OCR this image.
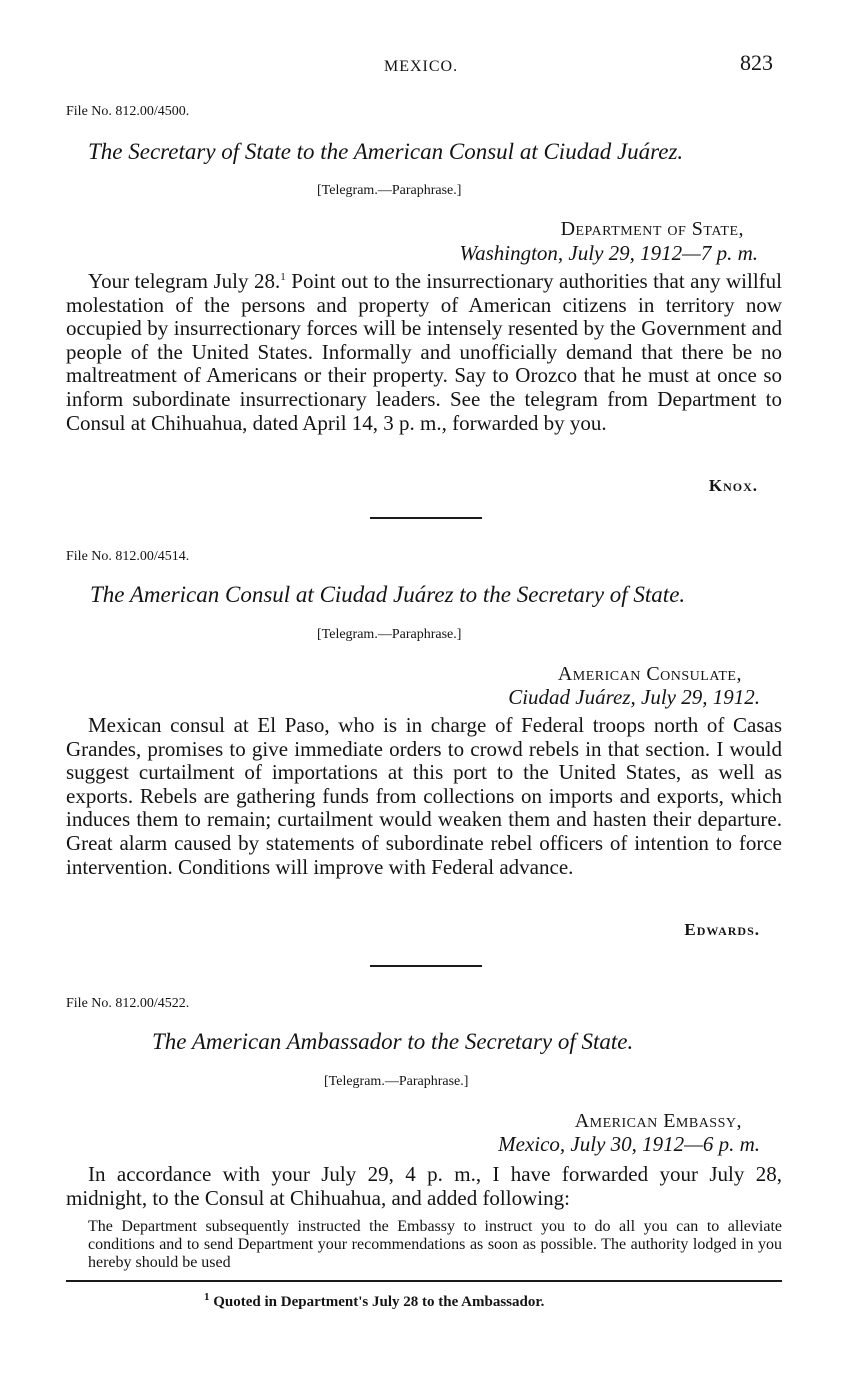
MEXICO.	823
File No. 812.00/4500.
The Secretary of State to the American Consul at Ciudad Juárez.
[Telegram.—Paraphrase.]
Department of State,
Washington, July 29, 1912—7 p. m.
Your telegram July 28.$^1$ Point out to the insurrectionary authorities that any willful molestation of the persons and property of American citizens in territory now occupied by insurrectionary forces will be intensely resented by the Government and people of the United States. Informally and unofficially demand that there be no maltreatment of Americans or their property. Say to Orozco that he must at once so inform subordinate insurrectionary leaders. See the telegram from Department to Consul at Chihuahua, dated April 14, 3 p. m., forwarded by you.
Knox.
File No. 812.00/4514.
The American Consul at Ciudad Juárez to the Secretary of State.
[Telegram.—Paraphrase.]
American Consulate,
Ciudad Juárez, July 29, 1912.
Mexican consul at El Paso, who is in charge of Federal troops north of Casas Grandes, promises to give immediate orders to crowd rebels in that section. I would suggest curtailment of importations at this port to the United States, as well as exports. Rebels are gathering funds from collections on imports and exports, which induces them to remain; curtailment would weaken them and hasten their departure. Great alarm caused by statements of subordinate rebel officers of intention to force intervention. Conditions will improve with Federal advance.
Edwards.
File No. 812.00/4522.
The American Ambassador to the Secretary of State.
[Telegram.—Paraphrase.]
American Embassy,
Mexico, July 30, 1912—6 p. m.
In accordance with your July 29, 4 p. m., I have forwarded your July 28, midnight, to the Consul at Chihuahua, and added following:
The Department subsequently instructed the Embassy to instruct you to do all you can to alleviate conditions and to send Department your recommendations as soon as possible. The authority lodged in you hereby should be used
$^1$ Quoted in Department's July 28 to the Ambassador.
